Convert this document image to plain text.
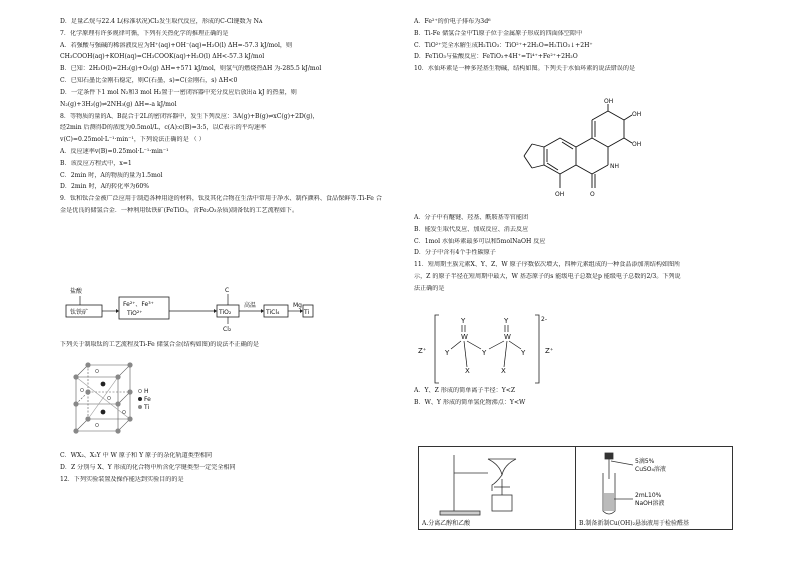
D．足量乙烷与22.4 L(标准状况)Cl₂发生取代反应，形成的C-Cl键数为 Nᴀ
7．化学原理有许多规律可循，下列有关热化学的推理正确的是
A．若强酸与强碱的稀溶液反应为H⁺(aq)+OH⁻(aq)=H₂O(l) ΔH=-57.3 kJ/mol，则
CH₃COOH(aq)+KOH(aq)=CH₃COOK(aq)+H₂O(l) ΔH<-57.3 kJ/mol
B．已知：2H₂O(l)=2H₂(g)+O₂(g) ΔH=+571 kJ/mol，则氢气的燃烧热ΔH 为-285.5 kJ/mol
C．已知石墨比金刚石稳定，则C(石墨，s)=C(金刚石，s) ΔH<0
D．一定条件下1 mol N₂和3 mol H₂置于一密闭容器中充分反应后放出a kJ 的热量，则
N₂(g)+3H₂(g)⇌2NH₃(g) ΔH=-a kJ/mol
8．等物质的量的A、B混合于2L的密闭容器中，发生下列反应：3A(g)+B(g)⇌xC(g)+2D(g)，
经2min 后测得D的浓度为0.5mol/L，c(A):c(B)=3:5，以C表示的平均速率
v(C)=0.25mol·L⁻¹·min⁻¹，下列说法正确的是 （ ）
A．反应速率v(B)=0.25mol·L⁻¹·min⁻¹
B．该反应方程式中，x=1
C．2min 时，A的物质的量为1.5mol
D．2min 时，A的转化率为60%
9．钛和钛合金被广泛应用于制造各种用途的材料，钛及其化合物在生活中常用于净水、制作颜料、食品保鲜等.Ti-Fe 合
金是优良的储氢合金．一种利用钛铁矿(FeTiO₃，含Fe₂O₃杂质)制备钛的工艺流程如下。
盐酸
钛铁矿
Fe²⁺、Fe³⁺
TiO²⁺	TiO₂
C
Cl₂
高温
TiCl₄
Mg
Ti
下列关于制取钛的工艺流程及Ti-Fe 储氢合金(结构如图)的说法不正确的是
H
Fe
Ti
C．WX₂、X₂Y 中 W 原子和 Y 原子的杂化轨道类型相同
D．Z 分别与 X、Y 形成的化合物中所含化学键类型一定完全相同
12．下列实验装置及操作能达到实验目的的是
A．Fe²⁺的价电子排布为3d⁶
B．Ti-Fe 储氢合金中Ti原子位于金属原子形成的四面体空隙中
C．TiO²⁺完全水解生成H₂TiO₃：TiO²⁺+2H₂O=H₂TiO₃↓+2H⁺
D．FeTiO₃与盐酸反应：FeTiO₃+4H⁺=Ti⁴⁺+Fe²⁺+2H₂O
10．水仙环素是一种多羟基生物碱，结构如图。下列关于水仙环素的说法错误的是
OH
OH
OH
NH
OH	O
A．分子中有醚键、羟基、酰胺基等官能团
B．能发生取代反应、加成反应、消去反应
C．1mol 水仙环素最多可以和5molNaOH 反应
D．分子中含有4个手性碳原子
11．短周期主族元素X、Y、Z、W 原子序数依次增大，四种元素组成的一种食品添加剂结构如图所
示，Z 的原子半径在短周期中最大，W 基态原子的s 能级电子总数是p 能级电子总数的2/3。下列说
法正确的是
2-
Z⁺	Z⁺
Y	Y
W	W
Y	Y	Y
X	X
A．Y、Z 形成的简单离子半径：Y<Z
B．W、Y 形成的简单氢化物沸点：Y<W
A.分离乙醇和乙酸	
5滴5%
CuSO₄溶液
2mL10%
NaOH溶液
B.制备新制Cu(OH)₂悬浊液用于检验醛基
